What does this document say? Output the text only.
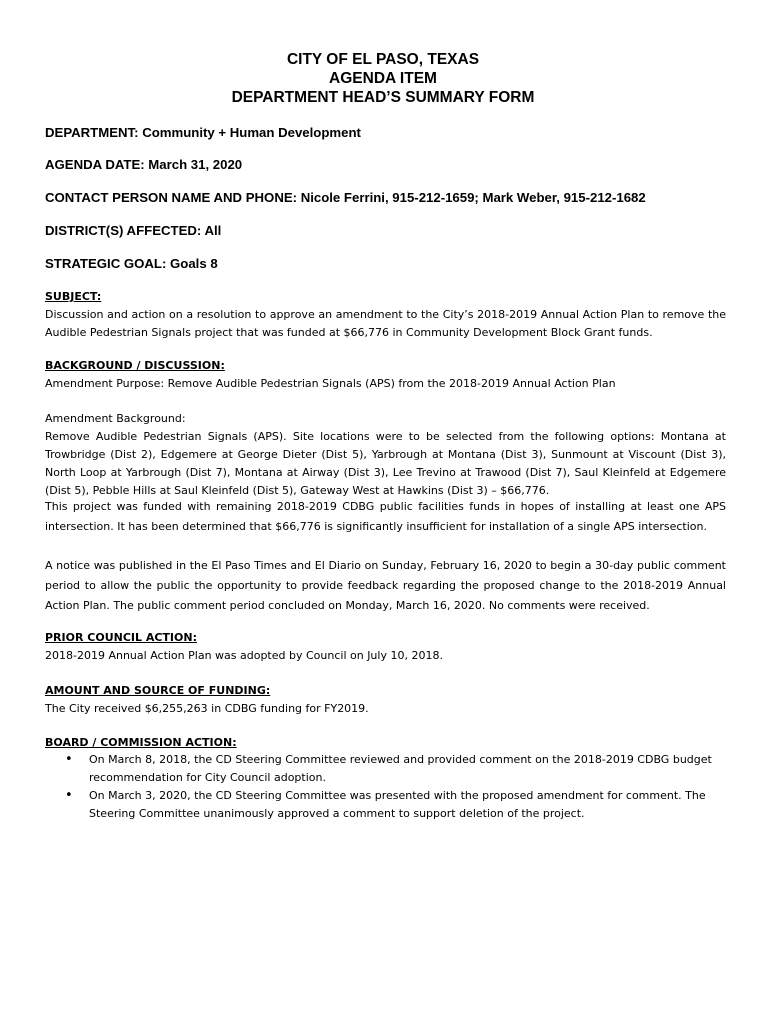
CITY OF EL PASO, TEXAS
AGENDA ITEM
DEPARTMENT HEAD’S SUMMARY FORM
DEPARTMENT: Community + Human Development
AGENDA DATE: March 31, 2020
CONTACT PERSON NAME AND PHONE: Nicole Ferrini, 915-212-1659; Mark Weber, 915-212-1682
DISTRICT(S) AFFECTED: All
STRATEGIC GOAL: Goals 8
SUBJECT:
Discussion and action on a resolution to approve an amendment to the City’s 2018-2019 Annual Action Plan to remove the Audible Pedestrian Signals project that was funded at $66,776 in Community Development Block Grant funds.
BACKGROUND / DISCUSSION:
Amendment Purpose: Remove Audible Pedestrian Signals (APS) from the 2018-2019 Annual Action Plan
Amendment Background:
Remove Audible Pedestrian Signals (APS). Site locations were to be selected from the following options: Montana at Trowbridge (Dist 2), Edgemere at George Dieter (Dist 5), Yarbrough at Montana (Dist 3), Sunmount at Viscount (Dist 3), North Loop at Yarbrough (Dist 7), Montana at Airway (Dist 3), Lee Trevino at Trawood (Dist 7), Saul Kleinfeld at Edgemere (Dist 5), Pebble Hills at Saul Kleinfeld (Dist 5), Gateway West at Hawkins (Dist 3) – $66,776.
This project was funded with remaining 2018-2019 CDBG public facilities funds in hopes of installing at least one APS intersection. It has been determined that $66,776 is significantly insufficient for installation of a single APS intersection.
A notice was published in the El Paso Times and El Diario on Sunday, February 16, 2020 to begin a 30-day public comment period to allow the public the opportunity to provide feedback regarding the proposed change to the 2018-2019 Annual Action Plan. The public comment period concluded on Monday, March 16, 2020. No comments were received.
PRIOR COUNCIL ACTION:
2018-2019 Annual Action Plan was adopted by Council on July 10, 2018.
AMOUNT AND SOURCE OF FUNDING:
The City received $6,255,263 in CDBG funding for FY2019.
BOARD / COMMISSION ACTION:
• On March 8, 2018, the CD Steering Committee reviewed and provided comment on the 2018-2019 CDBG budget recommendation for City Council adoption.
• On March 3, 2020, the CD Steering Committee was presented with the proposed amendment for comment. The Steering Committee unanimously approved a comment to support deletion of the project.
